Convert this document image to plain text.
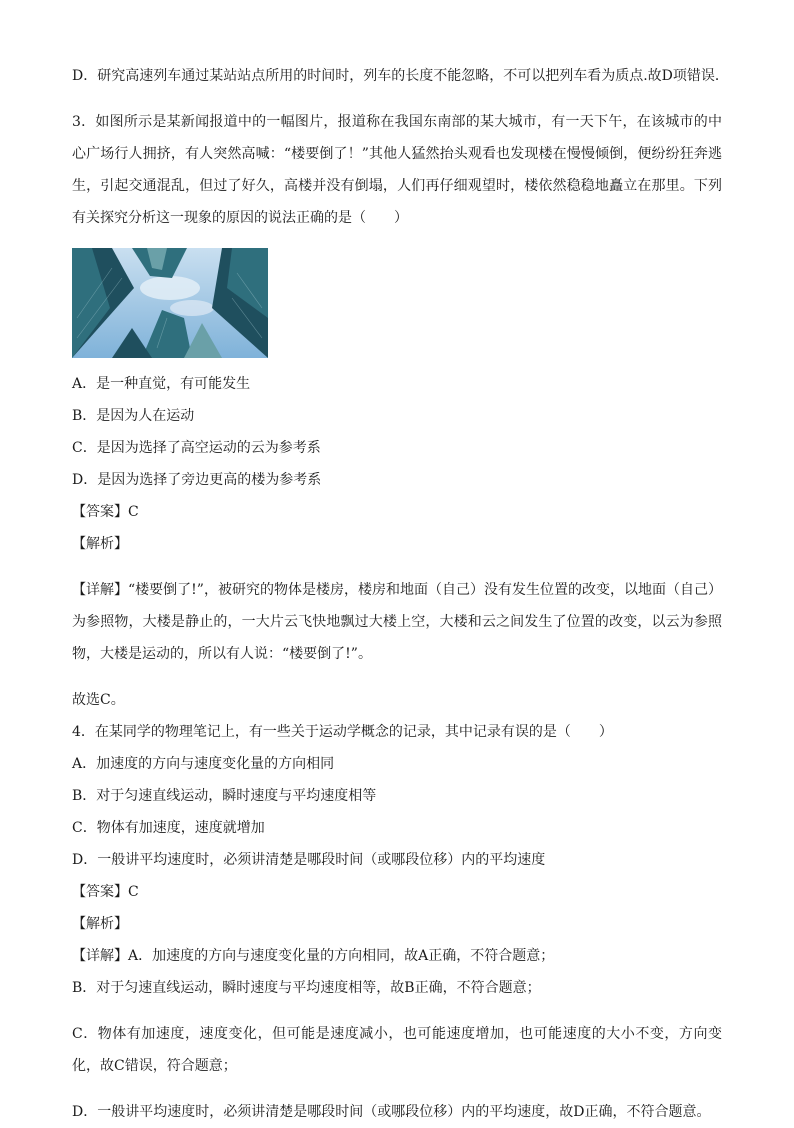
D．研究高速列车通过某站站点所用的时间时，列车的长度不能忽略，不可以把列车看为质点.故D项错误．

3．如图所示是某新闻报道中的一幅图片，报道称在我国东南部的某大城市，有一天下午，在该城市的中心广场行人拥挤，有人突然高喊：“楼要倒了！”其他人猛然抬头观看也发现楼在慢慢倾倒，便纷纷狂奔逃生，引起交通混乱，但过了好久，高楼并没有倒塌，人们再仔细观望时，楼依然稳稳地矗立在那里。下列有关探究分析这一现象的原因的说法正确的是（　　）

A．是一种直觉，有可能发生

B．是因为人在运动

C．是因为选择了高空运动的云为参考系

D．是因为选择了旁边更高的楼为参考系

【答案】C

【解析】

【详解】“楼要倒了!”，被研究的物体是楼房，楼房和地面（自己）没有发生位置的改变，以地面（自己）为参照物，大楼是静止的，一大片云飞快地飘过大楼上空，大楼和云之间发生了位置的改变，以云为参照物，大楼是运动的，所以有人说：“楼要倒了!”。

故选C。

4．在某同学的物理笔记上，有一些关于运动学概念的记录，其中记录有误的是（　　）

A．加速度的方向与速度变化量的方向相同

B．对于匀速直线运动，瞬时速度与平均速度相等

C．物体有加速度，速度就增加

D．一般讲平均速度时，必须讲清楚是哪段时间（或哪段位移）内的平均速度

【答案】C

【解析】

【详解】A．加速度的方向与速度变化量的方向相同，故A正确，不符合题意；

B．对于匀速直线运动，瞬时速度与平均速度相等，故B正确，不符合题意；

C．物体有加速度，速度变化，但可能是速度减小，也可能速度增加，也可能速度的大小不变，方向变化，故C错误，符合题意；

D．一般讲平均速度时，必须讲清楚是哪段时间（或哪段位移）内的平均速度，故D正确，不符合题意。
